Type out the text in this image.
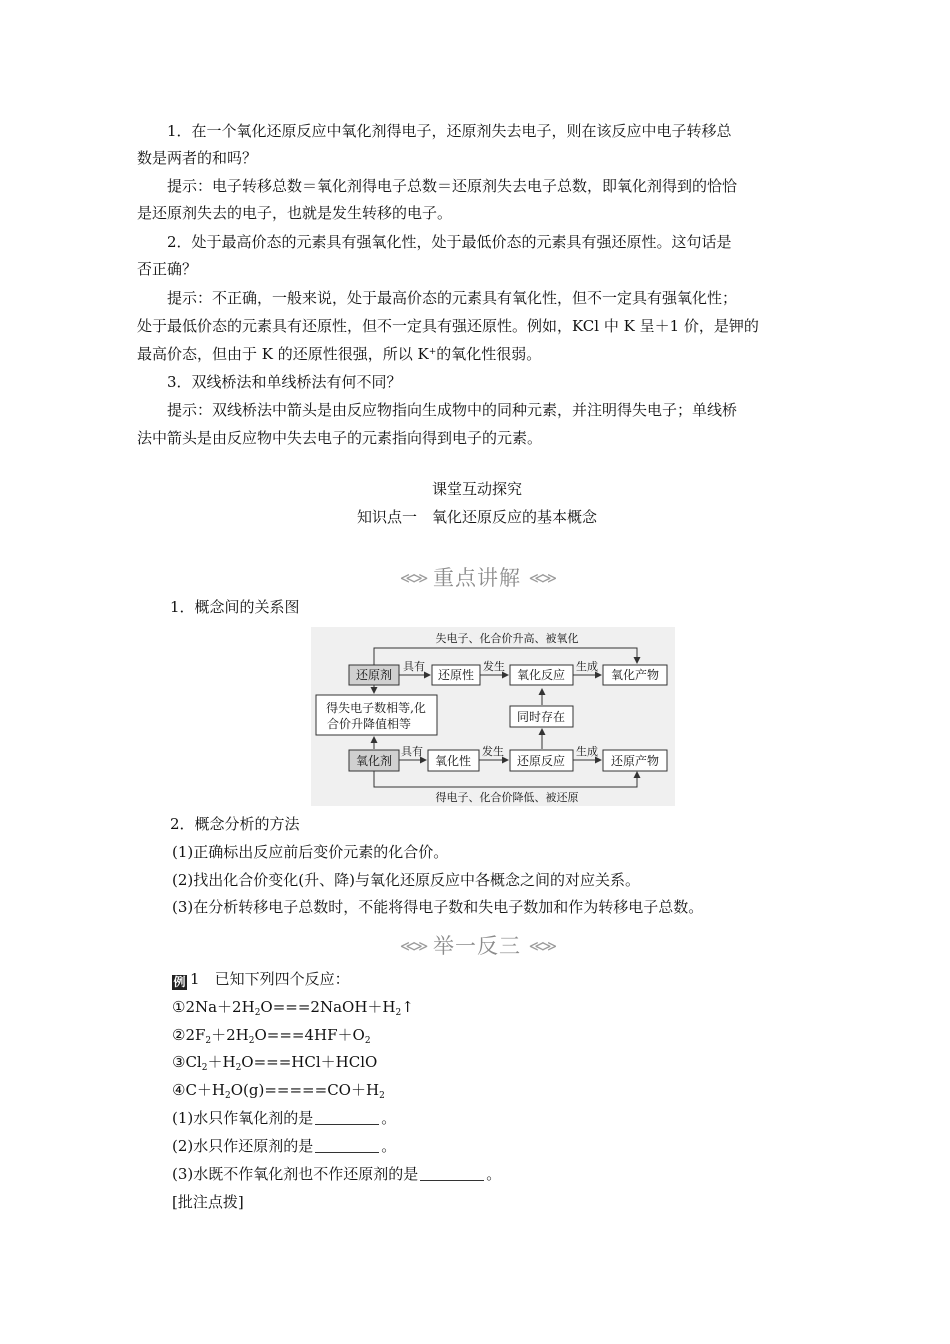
1．在一个氧化还原反应中氧化剂得电子，还原剂失去电子，则在该反应中电子转移总

数是两者的和吗？

提示：电子转移总数＝氧化剂得电子总数＝还原剂失去电子总数，即氧化剂得到的恰恰

是还原剂失去的电子，也就是发生转移的电子。

2．处于最高价态的元素具有强氧化性，处于最低价态的元素具有强还原性。这句话是

否正确？

提示：不正确，一般来说，处于最高价态的元素具有氧化性，但不一定具有强氧化性；

处于最低价态的元素具有还原性，但不一定具有强还原性。例如，KCl 中 K 呈＋1 价，是钾的

最高价态，但由于 K 的还原性很强，所以 K+的氧化性很弱。

3．双线桥法和单线桥法有何不同？

提示：双线桥法中箭头是由反应物指向生成物中的同种元素，并注明得失电子；单线桥

法中箭头是由反应物中失去电子的元素指向得到电子的元素。

课堂互动探究
知识点一　氧化还原反应的基本概念
≪≫ 重点讲解 ≪≫
1．概念间的关系图
失电子、化合价升高、被氧化
得电子、化合价降低、被还原
还原剂	还原性	氧化反应	氧化产物
得失电子数相等,化
合价升降值相等	同时存在
氧化剂	氧化性	还原反应	还原产物
具有	发生	生成
具有	发生	生成
2．概念分析的方法
(1)正确标出反应前后变价元素的化合价。
(2)找出化合价变化(升、降)与氧化还原反应中各概念之间的对应关系。
(3)在分析转移电子总数时，不能将得电子数和失电子数加和作为转移电子总数。
≪≫ 举一反三 ≪≫
例 1　 已知下列四个反应：
$①2Na+2H_2O===2NaOH+H_2↑$
$②2F_2+2H_2O===4HF+O_2$
$③Cl_2+H_2O===HCl+HClO$
$④C+H_2O(g)=====CO+H_2$
(1)水只作氧化剂的是	。
(2)水只作还原剂的是	。
(3)水既不作氧化剂也不作还原剂的是	。
[批注点拨]
